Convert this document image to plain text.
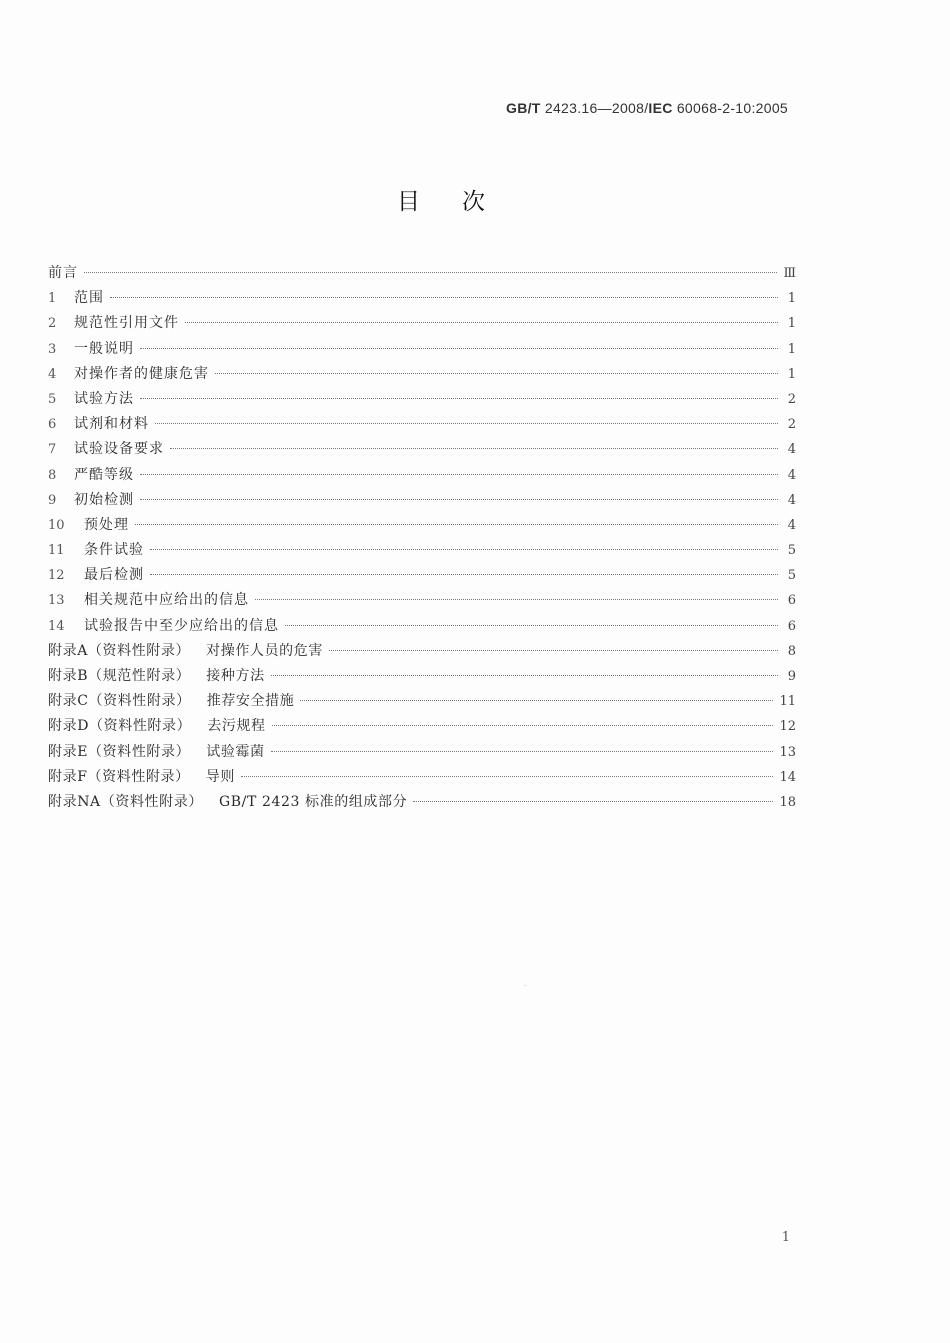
GB/T 2423.16—2008/IEC 60068-2-10:2005
目次
前言	Ⅲ
1	范围	1
2	规范性引用文件	1
3	一般说明	1
4	对操作者的健康危害	1
5	试验方法	2
6	试剂和材料	2
7	试验设备要求	4
8	严酷等级	4
9	初始检测	4
10	预处理	4
11	条件试验	5
12	最后检测	5
13	相关规范中应给出的信息	6
14	试验报告中至少应给出的信息	6
附录A（资料性附录） 对操作人员的危害	8
附录B（规范性附录） 接种方法	9
附录C（资料性附录） 推荐安全措施	11
附录D（资料性附录） 去污规程	12
附录E（资料性附录） 试验霉菌	13
附录F（资料性附录） 导则	14
附录NA（资料性附录） GB/T 2423 标准的组成部分	18
1
